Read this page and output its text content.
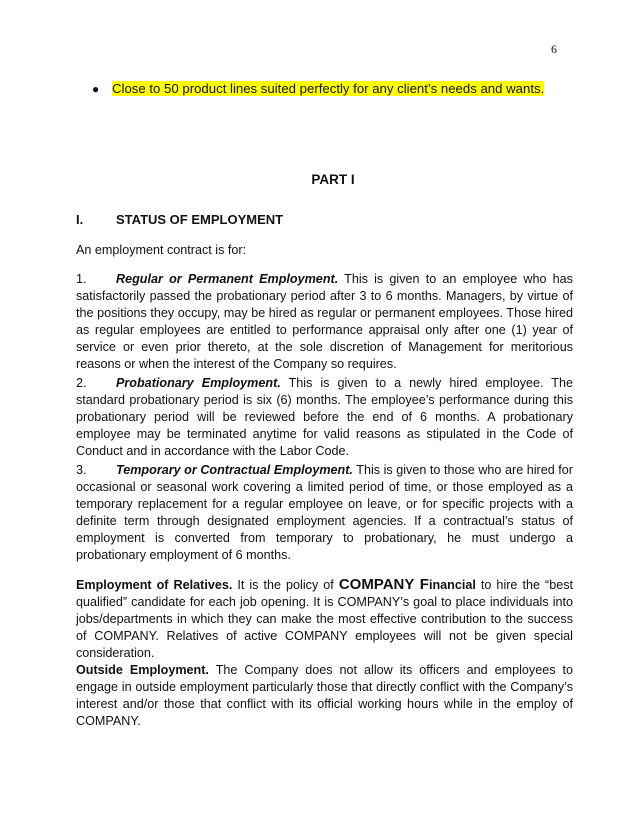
6
● Close to 50 product lines suited perfectly for any client’s needs and wants.
PART I
I.	STATUS OF EMPLOYMENT
An employment contract is for:
1. Regular or Permanent Employment. This is given to an employee who has satisfactorily passed the probationary period after 3 to 6 months. Managers, by virtue of the positions they occupy, may be hired as regular or permanent employees. Those hired as regular employees are entitled to performance appraisal only after one (1) year of service or even prior thereto, at the sole discretion of Management for meritorious reasons or when the interest of the Company so requires.
2. Probationary Employment. This is given to a newly hired employee. The standard probationary period is six (6) months. The employee’s performance during this probationary period will be reviewed before the end of 6 months. A probationary employee may be terminated anytime for valid reasons as stipulated in the Code of Conduct and in accordance with the Labor Code.
3. Temporary or Contractual Employment. This is given to those who are hired for occasional or seasonal work covering a limited period of time, or those employed as a temporary replacement for a regular employee on leave, or for specific projects with a definite term through designated employment agencies. If a contractual’s status of employment is converted from temporary to probationary, he must undergo a probationary employment of 6 months.
Employment of Relatives. It is the policy of COMPANY Financial to hire the “best qualified” candidate for each job opening. It is COMPANY’s goal to place individuals into jobs/departments in which they can make the most effective contribution to the success of COMPANY. Relatives of active COMPANY employees will not be given special consideration.
Outside Employment. The Company does not allow its officers and employees to engage in outside employment particularly those that directly conflict with the Company’s interest and/or those that conflict with its official working hours while in the employ of COMPANY.
